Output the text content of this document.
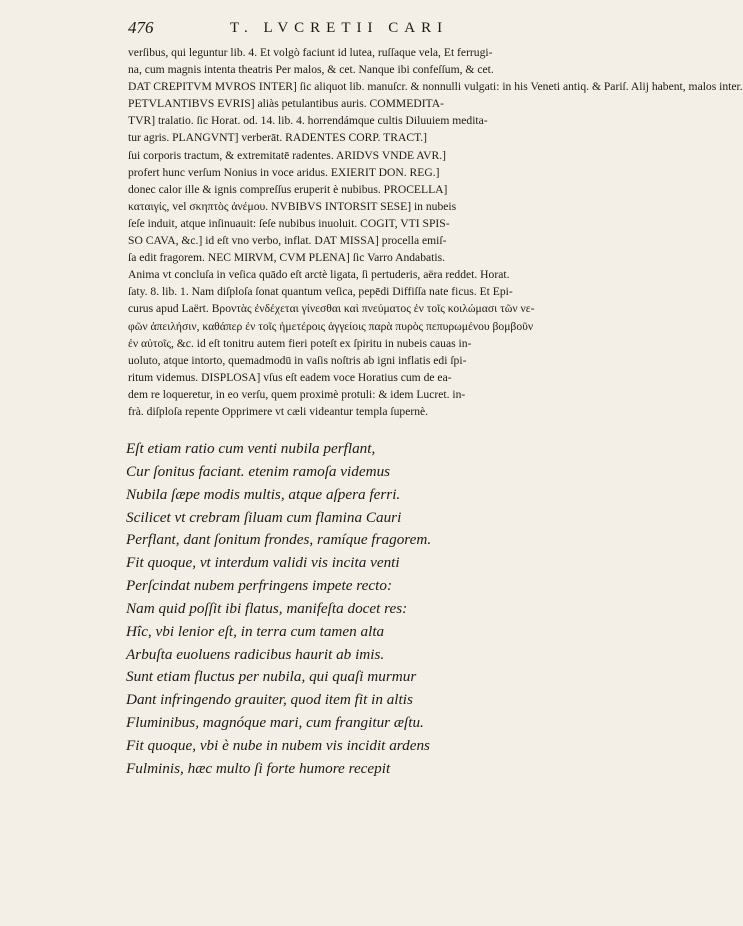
476	T. LVCRETII CARI
verſibus, qui leguntur lib. 4. Et volgò faciunt id lutea, ruſſaque vela, Et ferrugi-
na, cum magnis intenta theatris Per malos, & cet. Nanque ibi confeſſum, & cet.
DAT CREPITVM MVROS INTER] ſic aliquot lib. manuſcr. & nonnulli vulgati: in his Veneti antiq. & Pariſ. Alij habent, malos inter.
PETVLANTIBVS EVRIS] aliàs petulantibus auris. COMMEDITA-
TVR] tralatio. ſic Horat. od. 14. lib. 4. horrendámque cultis Diluuiem medita-
tur agris. PLANGVNT] verberāt. RADENTES CORP. TRACT.]
ſui corporis tractum, & extremitatē radentes. ARIDVS VNDE AVR.]
profert hunc verſum Nonius in voce aridus. EXIERIT DON. REG.]
donec calor ille & ignis compreſſus eruperit è nubibus. PROCELLA]
καταιγίς, vel σκηπτὸς ἀνέμου. NVBIBVS INTORSIT SESE] in nubeis
ſeſe induit, atque inſinuauit: ſeſe nubibus inuoluit. COGIT, VTI SPIS-
SO CAVA, &c.] id eſt vno verbo, inflat. DAT MISSA] procella emiſ-
ſa edit fragorem. NEC MIRVM, CVM PLENA] ſic Varro Andabatis.
Anima vt concluſa in veſica quādo eſt arctè ligata, ſi pertuderis, aëra reddet. Horat.
ſaty. 8. lib. 1. Nam diſploſa ſonat quantum veſica, pepēdi Diffiſſa nate ficus. Et Epi-
curus apud Laërt. Βροντὰς ἐνδέχεται γίνεσθαι καὶ πνεύματος ἐν τοῖς κοιλώμασι τῶν νε-
φῶν ἀπειλήσιν, καθάπερ ἐν τοῖς ἡμετέροις ἀγγείοις παρὰ πυρὸς πεπυρωμένου βομβοῦν
ἐν αὐτοῖς, &c. id eſt tonitru autem fieri poteſt ex ſpiritu in nubeis cauas in-
uoluto, atque intorto, quemadmodū in vaſis noſtris ab igni inflatis edi ſpi-
ritum videmus. DISPLOSA] vſus eſt eadem voce Horatius cum de ea-
dem re loqueretur, in eo verſu, quem proximè protuli: & idem Lucret. in-
frà. diſploſa repente Opprimere vt cæli videantur templa ſupernè.
Eſt etiam ratio cum venti nubila perflant,
Cur ſonitus faciant. etenim ramoſa videmus
Nubila ſæpe modis multis, atque aſpera ferri.
Scilicet vt crebram ſiluam cum flamina Cauri
Perflant, dant ſonitum frondes, ramíque fragorem.
Fit quoque, vt interdum validi vis incita venti
Perſcindat nubem perfringens impete recto:
Nam quid poſſit ibi flatus, manifeſta docet res:
Hîc, vbi lenior eſt, in terra cum tamen alta
Arbuſta euoluens radicibus haurit ab imis.
Sunt etiam fluctus per nubila, qui quaſi murmur
Dant infringendo grauiter, quod item fit in altis
Fluminibus, magnóque mari, cum frangitur æſtu.
Fit quoque, vbi è nube in nubem vis incidit ardens
Fulminis, hæc multo ſi forte humore recepit
